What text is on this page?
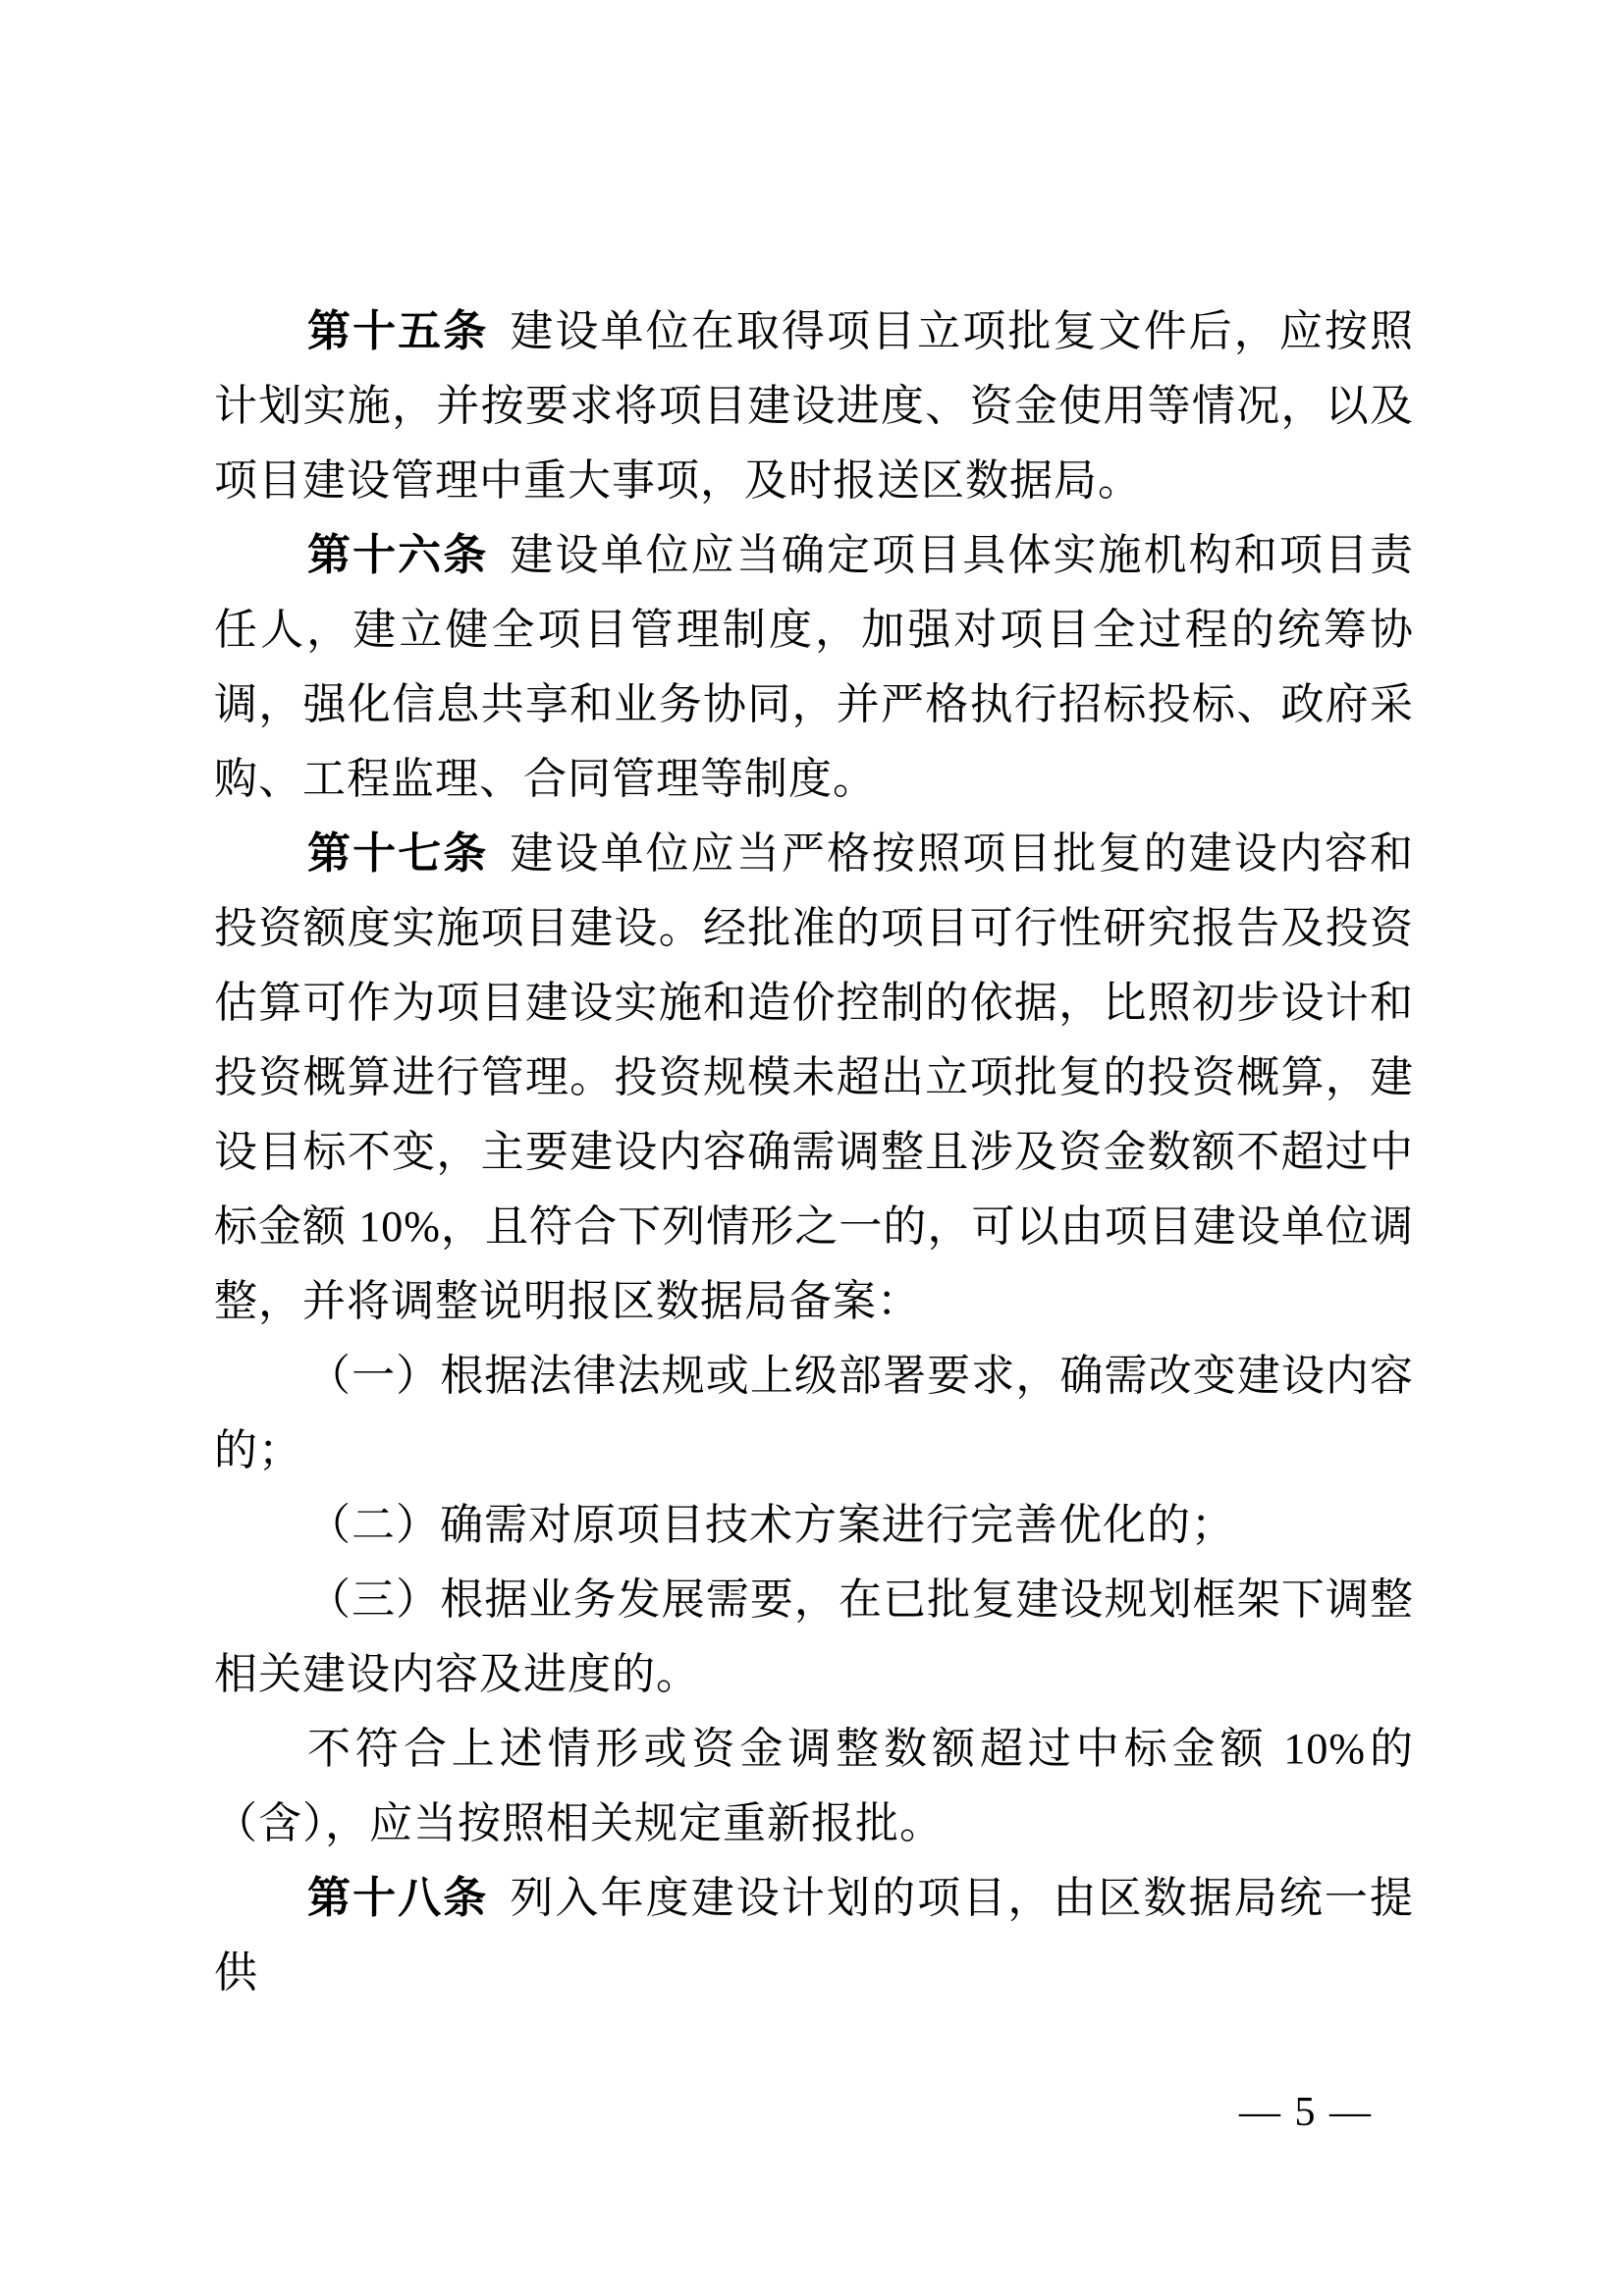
第十五条 建设单位在取得项目立项批复文件后，应按照计划实施，并按要求将项目建设进度、资金使用等情况，以及项目建设管理中重大事项，及时报送区数据局。

第十六条 建设单位应当确定项目具体实施机构和项目责任人，建立健全项目管理制度，加强对项目全过程的统筹协调，强化信息共享和业务协同，并严格执行招标投标、政府采购、工程监理、合同管理等制度。

第十七条 建设单位应当严格按照项目批复的建设内容和投资额度实施项目建设。经批准的项目可行性研究报告及投资估算可作为项目建设实施和造价控制的依据，比照初步设计和投资概算进行管理。投资规模未超出立项批复的投资概算，建设目标不变，主要建设内容确需调整且涉及资金数额不超过中标金额 10%，且符合下列情形之一的，可以由项目建设单位调整，并将调整说明报区数据局备案：

（一）根据法律法规或上级部署要求，确需改变建设内容的；

（二）确需对原项目技术方案进行完善优化的；

（三）根据业务发展需要，在已批复建设规划框架下调整相关建设内容及进度的。

不符合上述情形或资金调整数额超过中标金额 10%的（含），应当按照相关规定重新报批。

第十八条 列入年度建设计划的项目，由区数据局统一提供

— 5 —
